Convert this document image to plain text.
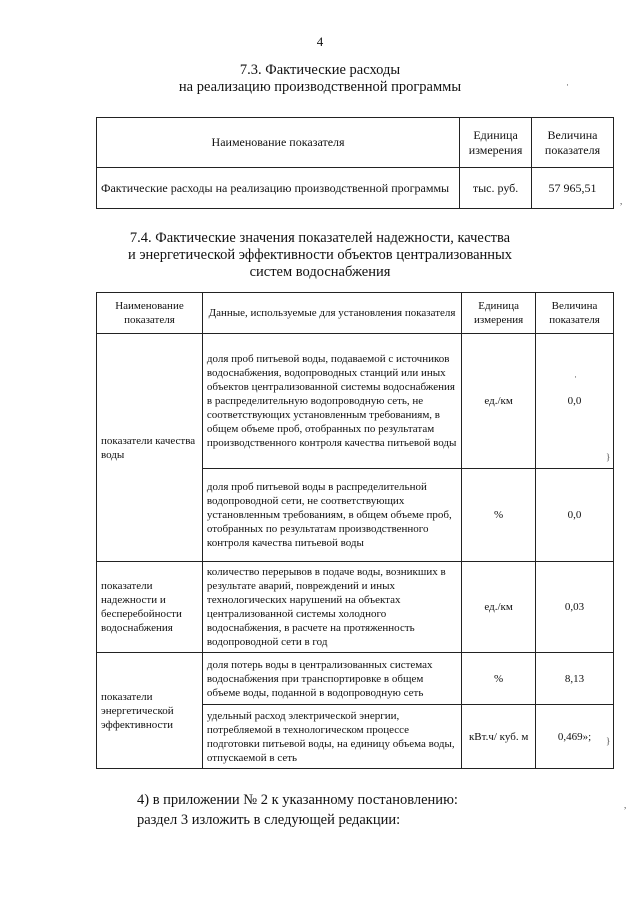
4
7.3. Фактические расходы
на реализацию производственной программы
Наименование показателя	Единица измерения	Величина показателя
Фактические расходы на реализацию производственной программы	тыс. руб.	57 965,51
7.4. Фактические значения показателей надежности, качества
и энергетической эффективности объектов централизованных
систем водоснабжения
Наименование показателя	Данные, используемые для установления показателя	Единица измерения	Величина показателя
показатели качества воды	доля проб питьевой воды, подаваемой с источников водоснабжения, водопроводных станций или иных объектов централизованной системы водоснабжения в распределительную водопроводную сеть, не соответствующих установленным требованиям, в общем объеме проб, отобранных по результатам производственного контроля качества питьевой воды	ед./км	0,0
	доля проб питьевой воды в распределительной водопроводной сети, не соответствующих установленным требованиям, в общем объеме проб, отобранных по результатам производственного контроля качества питьевой воды	%	0,0
показатели надежности и бесперебойности водоснабжения	количество перерывов в подаче воды, возникших в результате аварий, повреждений и иных технологических нарушений на объектах централизованной системы холодного водоснабжения, в расчете на протяженность водопроводной сети в год	ед./км	0,03
показатели энергетической эффективности	доля потерь воды в централизованных системах водоснабжения при транспортировке в общем объеме воды, поданной в водопроводную сеть	%	8,13
	удельный расход электрической энергии, потребляемой в технологическом процессе подготовки питьевой воды, на единицу объема воды, отпускаемой в сеть	кВт.ч/ куб. м	0,469»;
4) в приложении № 2 к указанному постановлению:
раздел 3 изложить в следующей редакции:
·
,
·
}
}
,
